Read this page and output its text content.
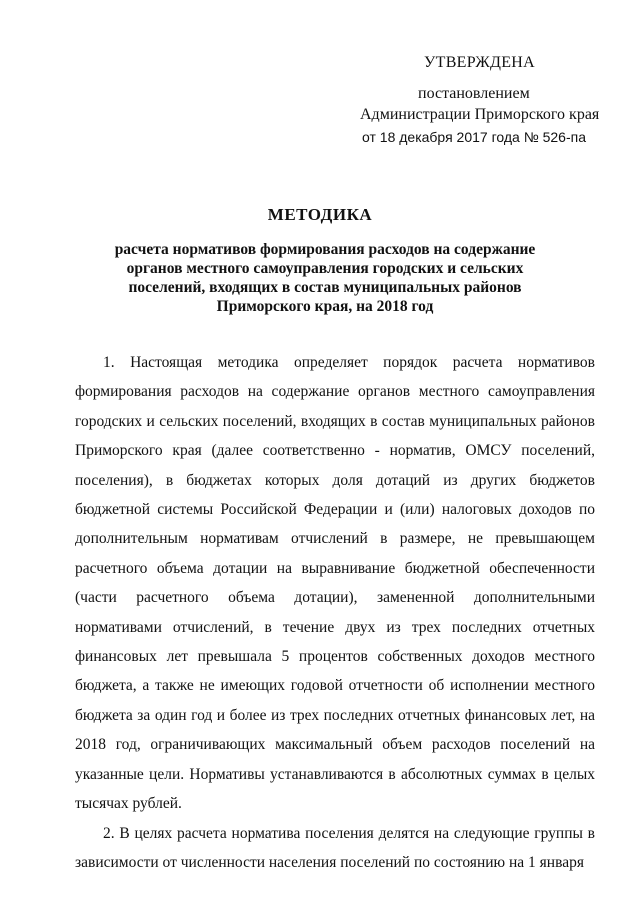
УТВЕРЖДЕНА
постановлением
Администрации Приморского края
от 18 декабря 2017 года № 526-па
МЕТОДИКА
расчета нормативов формирования расходов на содержание органов местного самоуправления городских и сельских поселений, входящих в состав муниципальных районов Приморского края, на 2018 год

1. Настоящая методика определяет порядок расчета нормативов формирования расходов на содержание органов местного самоуправления городских и сельских поселений, входящих в состав муниципальных районов Приморского края (далее соответственно - норматив, ОМСУ поселений, поселения), в бюджетах которых доля дотаций из других бюджетов бюджетной системы Российской Федерации и (или) налоговых доходов по дополнительным нормативам отчислений в размере, не превышающем расчетного объема дотации на выравнивание бюджетной обеспеченности (части расчетного объема дотации), замененной дополнительными нормативами отчислений, в течение двух из трех последних отчетных финансовых лет превышала 5 процентов собственных доходов местного бюджета, а также не имеющих годовой отчетности об исполнении местного бюджета за один год и более из трех последних отчетных финансовых лет, на 2018 год, ограничивающих максимальный объем расходов поселений на указанные цели. Нормативы устанавливаются в абсолютных суммах в целых тысячах рублей.

2. В целях расчета норматива поселения делятся на следующие группы в зависимости от численности населения поселений по состоянию на 1 января
